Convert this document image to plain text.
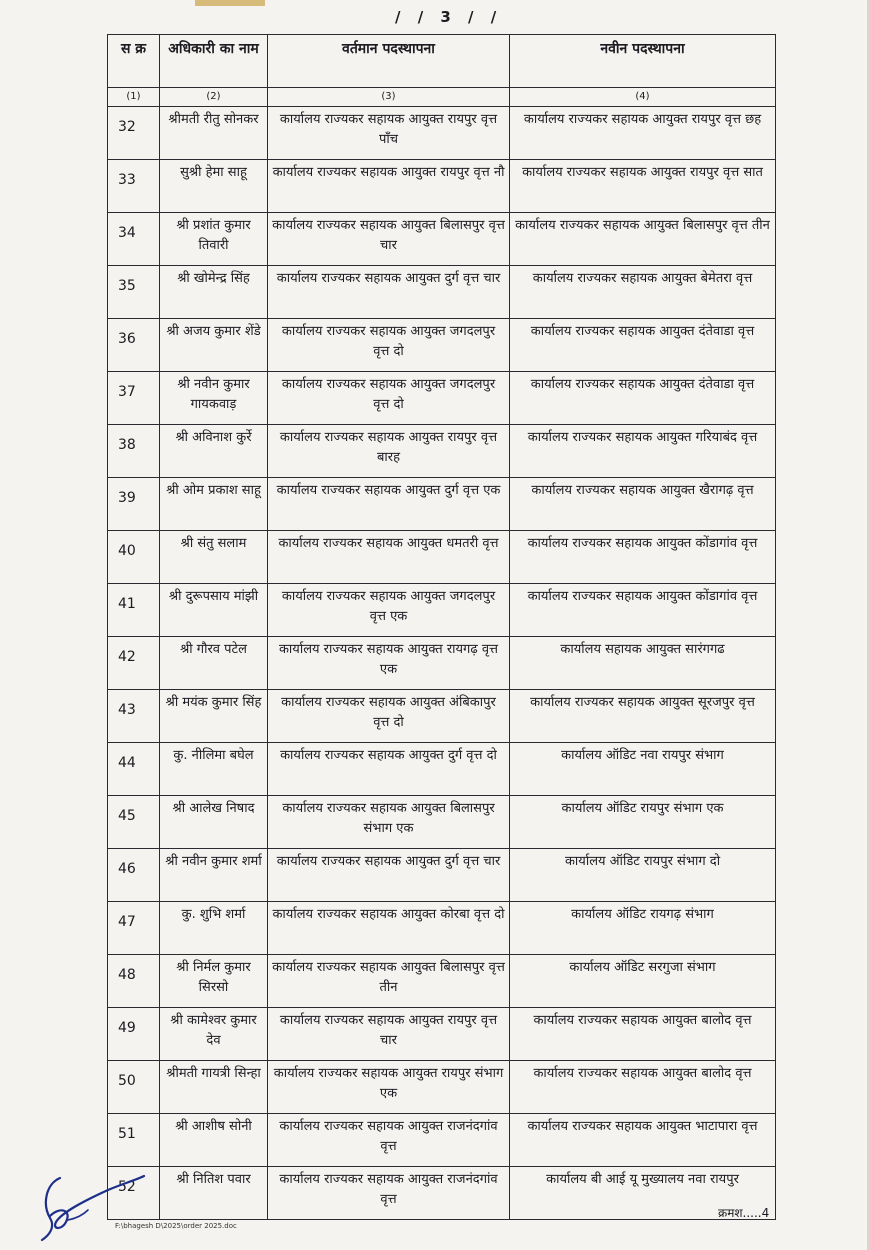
/ / 3 / /
स क्र	अधिकारी का नाम	वर्तमान पदस्थापना	नवीन पदस्थापना
(1)	(2)	(3)	(4)
32	श्रीमती रीतु सोनकर	कार्यालय राज्यकर सहायक आयुक्त रायपुर वृत्त पाँच	कार्यालय राज्यकर सहायक आयुक्त रायपुर वृत्त छह
33	सुश्री हेमा साहू	कार्यालय राज्यकर सहायक आयुक्त रायपुर वृत्त नौ	कार्यालय राज्यकर सहायक आयुक्त रायपुर वृत्त सात
34	श्री प्रशांत कुमार तिवारी	कार्यालय राज्यकर सहायक आयुक्त बिलासपुर वृत्त चार	कार्यालय राज्यकर सहायक आयुक्त बिलासपुर वृत्त तीन
35	श्री खोमेन्द्र सिंह	कार्यालय राज्यकर सहायक आयुक्त दुर्ग वृत्त चार	कार्यालय राज्यकर सहायक आयुक्त बेमेतरा वृत्त
36	श्री अजय कुमार शेंडे	कार्यालय राज्यकर सहायक आयुक्त जगदलपुर वृत्त दो	कार्यालय राज्यकर सहायक आयुक्त दंतेवाडा वृत्त
37	श्री नवीन कुमार गायकवाड़	कार्यालय राज्यकर सहायक आयुक्त जगदलपुर वृत्त दो	कार्यालय राज्यकर सहायक आयुक्त दंतेवाडा वृत्त
38	श्री अविनाश कुर्रे	कार्यालय राज्यकर सहायक आयुक्त रायपुर वृत्त बारह	कार्यालय राज्यकर सहायक आयुक्त गरियाबंद वृत्त
39	श्री ओम प्रकाश साहू	कार्यालय राज्यकर सहायक आयुक्त दुर्ग वृत्त एक	कार्यालय राज्यकर सहायक आयुक्त खैरागढ़ वृत्त
40	श्री संतु सलाम	कार्यालय राज्यकर सहायक आयुक्त धमतरी वृत्त	कार्यालय राज्यकर सहायक आयुक्त कोंडागांव वृत्त
41	श्री दुरूपसाय मांझी	कार्यालय राज्यकर सहायक आयुक्त जगदलपुर वृत्त एक	कार्यालय राज्यकर सहायक आयुक्त कोंडागांव वृत्त
42	श्री गौरव पटेल	कार्यालय राज्यकर सहायक आयुक्त रायगढ़ वृत्त एक	कार्यालय सहायक आयुक्त सारंगगढ
43	श्री मयंक कुमार सिंह	कार्यालय राज्यकर सहायक आयुक्त अंबिकापुर वृत्त दो	कार्यालय राज्यकर सहायक आयुक्त सूरजपुर वृत्त
44	कु. नीलिमा बघेल	कार्यालय राज्यकर सहायक आयुक्त दुर्ग वृत्त दो	कार्यालय ऑडिट नवा रायपुर संभाग
45	श्री आलेख निषाद	कार्यालय राज्यकर सहायक आयुक्त बिलासपुर संभाग एक	कार्यालय ऑडिट रायपुर संभाग एक
46	श्री नवीन कुमार शर्मा	कार्यालय राज्यकर सहायक आयुक्त दुर्ग वृत्त चार	कार्यालय ऑडिट रायपुर संभाग दो
47	कु. शुभि शर्मा	कार्यालय राज्यकर सहायक आयुक्त कोरबा वृत्त दो	कार्यालय ऑडिट रायगढ़ संभाग
48	श्री निर्मल कुमार सिरसो	कार्यालय राज्यकर सहायक आयुक्त बिलासपुर वृत्त तीन	कार्यालय ऑडिट सरगुजा संभाग
49	श्री कामेश्वर कुमार देव	कार्यालय राज्यकर सहायक आयुक्त रायपुर वृत्त चार	कार्यालय राज्यकर सहायक आयुक्त बालोद वृत्त
50	श्रीमती गायत्री सिन्हा	कार्यालय राज्यकर सहायक आयुक्त रायपुर संभाग एक	कार्यालय राज्यकर सहायक आयुक्त बालोद वृत्त
51	श्री आशीष सोनी	कार्यालय राज्यकर सहायक आयुक्त राजनंदगांव वृत्त	कार्यालय राज्यकर सहायक आयुक्त भाटापारा वृत्त
52	श्री नितिश पवार	कार्यालय राज्यकर सहायक आयुक्त राजनंदगांव वृत्त	कार्यालय बी आई यू मुख्यालय नवा रायपुर
F:\bhagesh D\2025\order 2025.doc
क्रमश.....4
